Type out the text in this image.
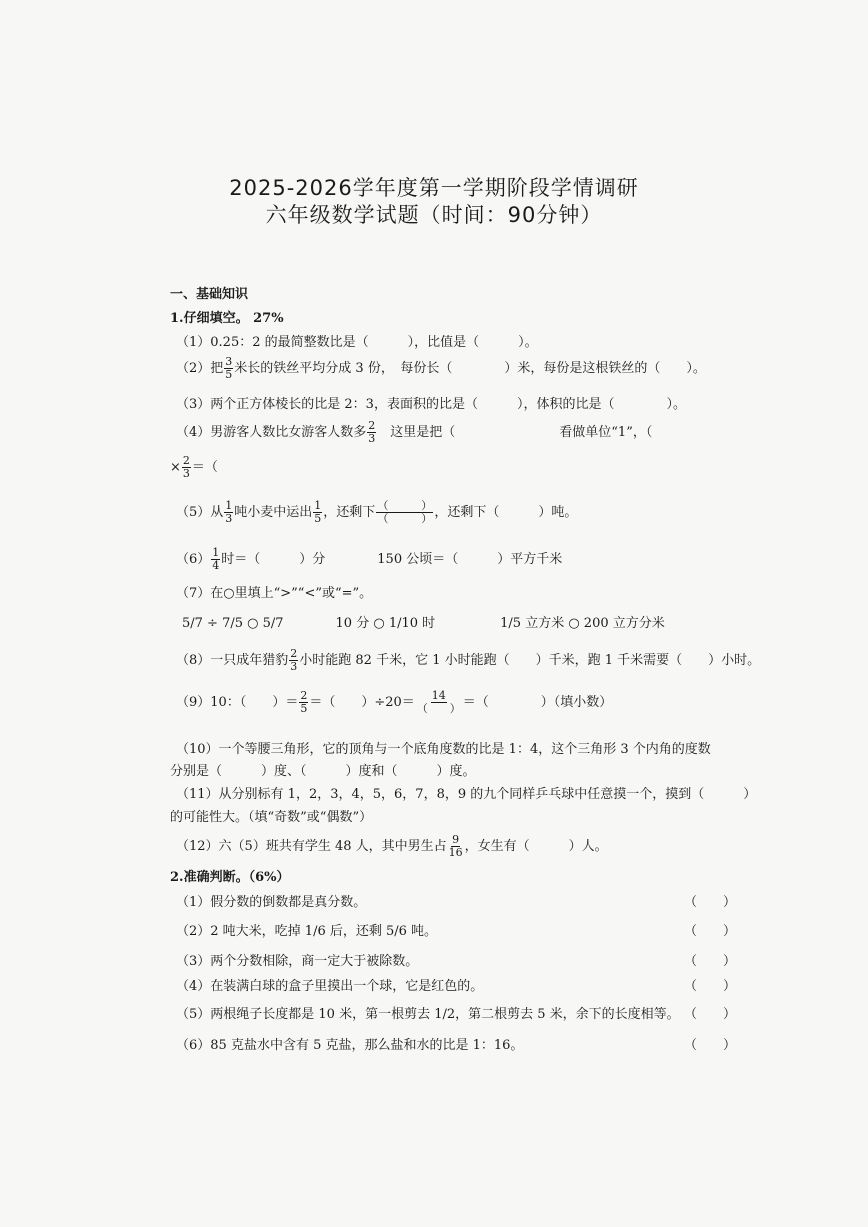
2025-2026学年度第一学期阶段学情调研
六年级数学试题（时间：90分钟）
一、基础知识
1.仔细填空。 27%
（1）0.25：2 的最简整数比是（　　　），比值是（　　　）。
（2）把 $\frac{3}{5}$ 米长的铁丝平均分成 3 份，　每份长（　　　　）米，每份是这根铁丝的（　　）。
（3）两个正方体棱长的比是 2：3，表面积的比是（　　　），体积的比是（　　　　）。
（4）男游客人数比女游客人数多 $\frac{2}{3}$ 　这里是把（　　　　　　　　看做单位“1”，（
× $\frac{2}{3}$ ＝（
（5）从 $\frac{1}{3}$ 吨小麦中运出 $\frac{1}{5}$ ，还剩下 $\frac{( )}{( )}$ ，还剩下（　　　）吨。
$(6) \frac{1}{4}$ 时＝（　　　）分　　　　150 公顷＝（　　　）平方千米
（7）在○里填上“>”“<”或“=”。
5/7 ÷ 7/5 ○ 5/7　　　　10 分 ○ 1/10 时　　　　　1/5 立方米 ○ 200 立方分米
（8）一只成年猎豹 $\frac{2}{3}$ 小时能跑 82 千米，它 1 小时能跑（　　）千米，跑 1 千米需要（　　）小时。
（9）10：（　　）＝ $\frac{2}{5}$ ＝（　　）$\div 20= \frac{14}{( )}$ ＝（　　　　）（填小数）
（10）一个等腰三角形，它的顶角与一个底角度数的比是 1：4，这个三角形 3 个内角的度数
分别是（　　　）度、（　　　）度和（　　　）度。
（11）从分别标有 1，2，3，4，5，6，7，8，9 的九个同样乒乓球中任意摸一个，摸到（　　　）
的可能性大。（填“奇数”或“偶数”）
（12）六（5）班共有学生 48 人，其中男生占 $\frac{9}{16}$ ，女生有（　　　）人。
2.准确判断。（6%）
（1）假分数的倒数都是真分数。	（　　）
（2）2 吨大米，吃掉 1/6 后，还剩 5/6 吨。	（　　）
（3）两个分数相除，商一定大于被除数。	（　　）
（4）在装满白球的盒子里摸出一个球，它是红色的。	（　　）
（5）两根绳子长度都是 10 米，第一根剪去 1/2，第二根剪去 5 米，余下的长度相等。 （　　）
（6）85 克盐水中含有 5 克盐，那么盐和水的比是 1：16。	（　　）
